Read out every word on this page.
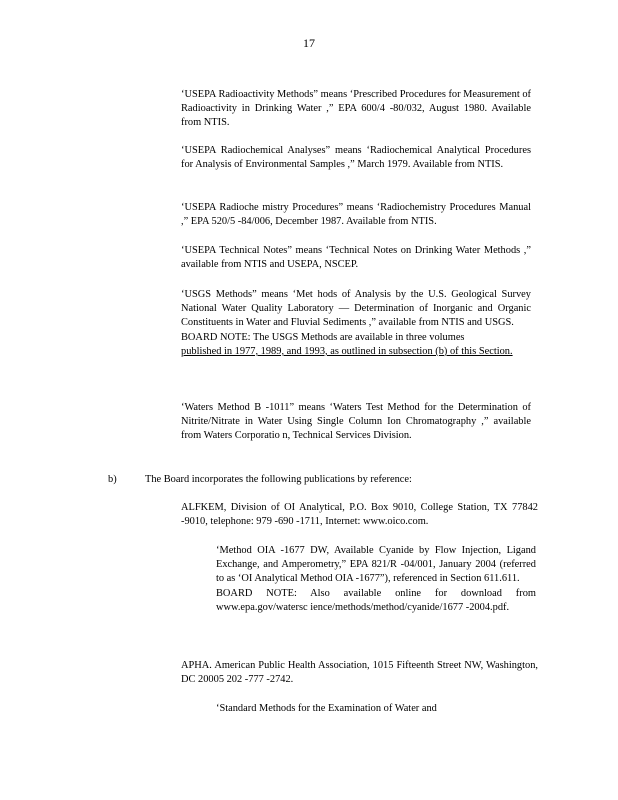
17

‘USEPA Radioactivity Methods” means ‘Prescribed Procedures for Measurement of Radioactivity in Drinking Water ,” EPA 600/4 -80/032, August 1980. Available from NTIS.

‘USEPA Radiochemical Analyses” means ‘Radiochemical Analytical Procedures for Analysis of Environmental Samples ,” March 1979. Available from NTIS.

‘USEPA Radioche mistry Procedures” means ‘Radiochemistry Procedures Manual ,” EPA 520/5 -84/006, December 1987. Available from NTIS.

‘USEPA Technical Notes” means ‘Technical Notes on Drinking Water Methods ,” available from NTIS and USEPA, NSCEP.

‘USGS Methods” means ‘Met hods of Analysis by the U.S. Geological Survey National Water Quality Laboratory — Determination of Inorganic and Organic Constituents in Water and Fluvial Sediments ,” available from NTIS and USGS.

BOARD NOTE: The USGS Methods are available in three volumes
published in 1977, 1989, and 1993, as outlined in subsection (b) of this Section.

‘Waters Method B -1011” means ‘Waters Test Method for the Determination of Nitrite/Nitrate in Water Using Single Column Ion Chromatography ,” available from Waters Corporatio n, Technical Services Division.

b)	The Board incorporates the following publications by reference:

ALFKEM, Division of OI Analytical, P.O. Box 9010, College Station, TX 77842 -9010, telephone: 979 -690 -1711, Internet: www.oico.com.

‘Method OIA -1677 DW, Available Cyanide by Flow Injection, Ligand Exchange, and Amperometry,” EPA 821/R -04/001, January 2004 (referred to as ‘OI Analytical Method OIA -1677”), referenced in Section 611.611.

BOARD NOTE: Also available online for download from www.epa.gov/watersc ience/methods/method/cyanide/1677 -2004.pdf.

APHA. American Public Health Association, 1015 Fifteenth Street NW, Washington, DC 20005 202 -777 -2742.

‘Standard Methods for the Examination of Water and
